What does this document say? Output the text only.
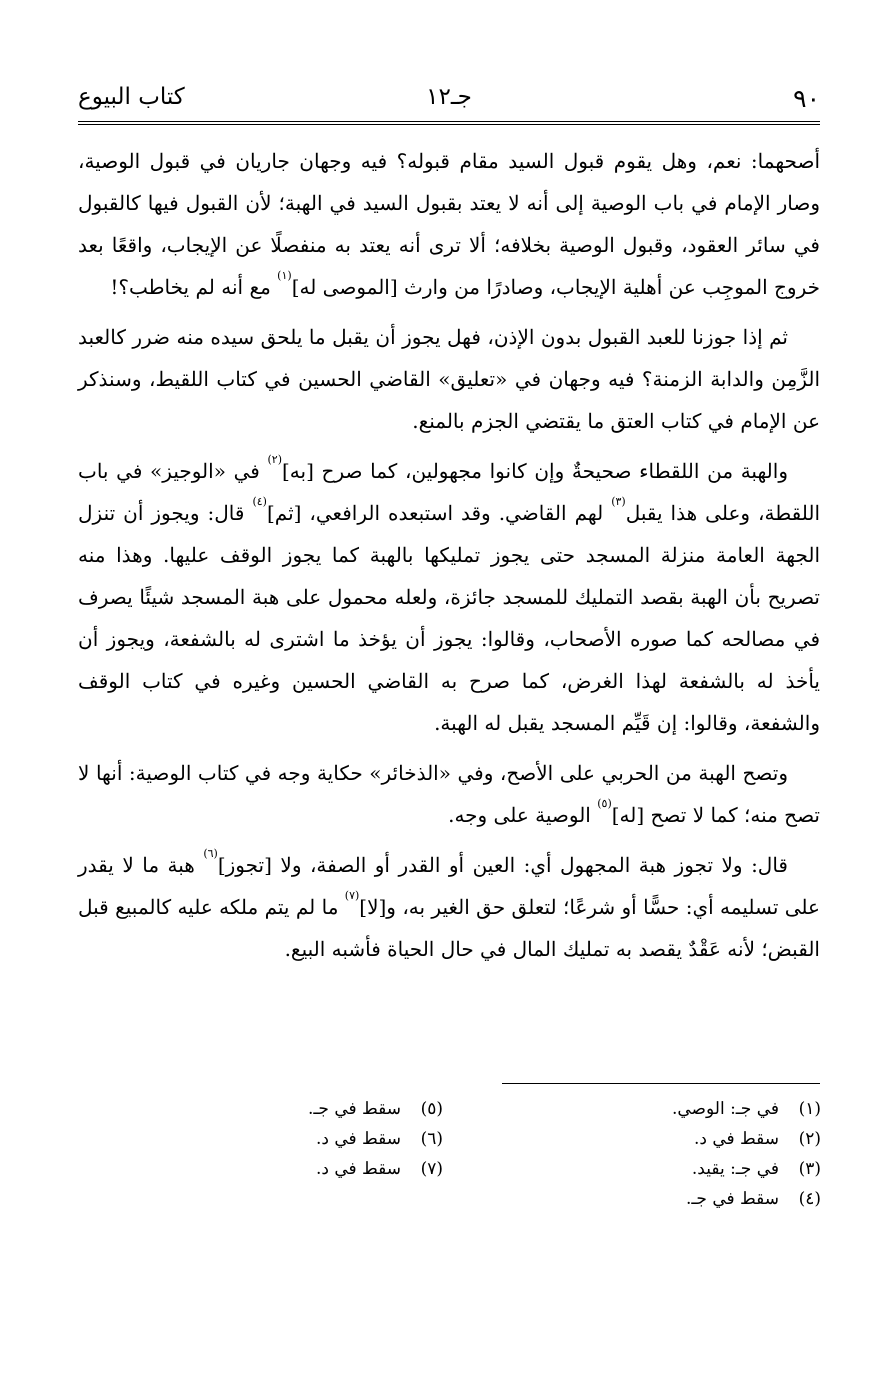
٩٠
جـ١٢
كتاب البيوع

أصحهما: نعم، وهل يقوم قبول السيد مقام قبوله؟ فيه وجهان جاريان في قبول الوصية، وصار الإمام في باب الوصية إلى أنه لا يعتد بقبول السيد في الهبة؛ لأن القبول فيها كالقبول في سائر العقود، وقبول الوصية بخلافه؛ ألا ترى أنه يعتد به منفصلًا عن الإيجاب، واقعًا بعد خروج الموجِب عن أهلية الإيجاب، وصادرًا من وارث [الموصى له]$^{(١)}$ مع أنه لم يخاطب؟!

ثم إذا جوزنا للعبد القبول بدون الإذن، فهل يجوز أن يقبل ما يلحق سيده منه ضرر كالعبد الزَّمِن والدابة الزمنة؟ فيه وجهان في «تعليق» القاضي الحسين في كتاب اللقيط، وسنذكر عن الإمام في كتاب العتق ما يقتضي الجزم بالمنع.

والهبة من اللقطاء صحيحةٌ وإن كانوا مجهولين، كما صرح [به]$^{(٢)}$ في «الوجيز» في باب اللقطة، وعلى هذا يقبل$^{(٣)}$ لهم القاضي. وقد استبعده الرافعي، [ثم]$^{(٤)}$ قال: ويجوز أن تنزل الجهة العامة منزلة المسجد حتى يجوز تمليكها بالهبة كما يجوز الوقف عليها. وهذا منه تصريح بأن الهبة بقصد التمليك للمسجد جائزة، ولعله محمول على هبة المسجد شيئًا يصرف في مصالحه كما صوره الأصحاب، وقالوا: يجوز أن يؤخذ ما اشترى له بالشفعة، ويجوز أن يأخذ له بالشفعة لهذا الغرض، كما صرح به القاضي الحسين وغيره في كتاب الوقف والشفعة، وقالوا: إن قَيِّم المسجد يقبل له الهبة.

وتصح الهبة من الحربي على الأصح، وفي «الذخائر» حكاية وجه في كتاب الوصية: أنها لا تصح منه؛ كما لا تصح [له]$^{(٥)}$ الوصية على وجه.

قال: ولا تجوز هبة المجهول أي: العين أو القدر أو الصفة، ولا [تجوز]$^{(٦)}$ هبة ما لا يقدر على تسليمه أي: حسًّا أو شرعًا؛ لتعلق حق الغير به، و[لا]$^{(٧)}$ ما لم يتم ملكه عليه كالمبيع قبل القبض؛ لأنه عَقْدٌ يقصد به تمليك المال في حال الحياة فأشبه البيع.

(١)في جـ: الوصي.
(٢)سقط في د.
(٣)في جـ: يقيد.
(٤)سقط في جـ.
(٥)سقط في جـ.
(٦)سقط في د.
(٧)سقط في د.
